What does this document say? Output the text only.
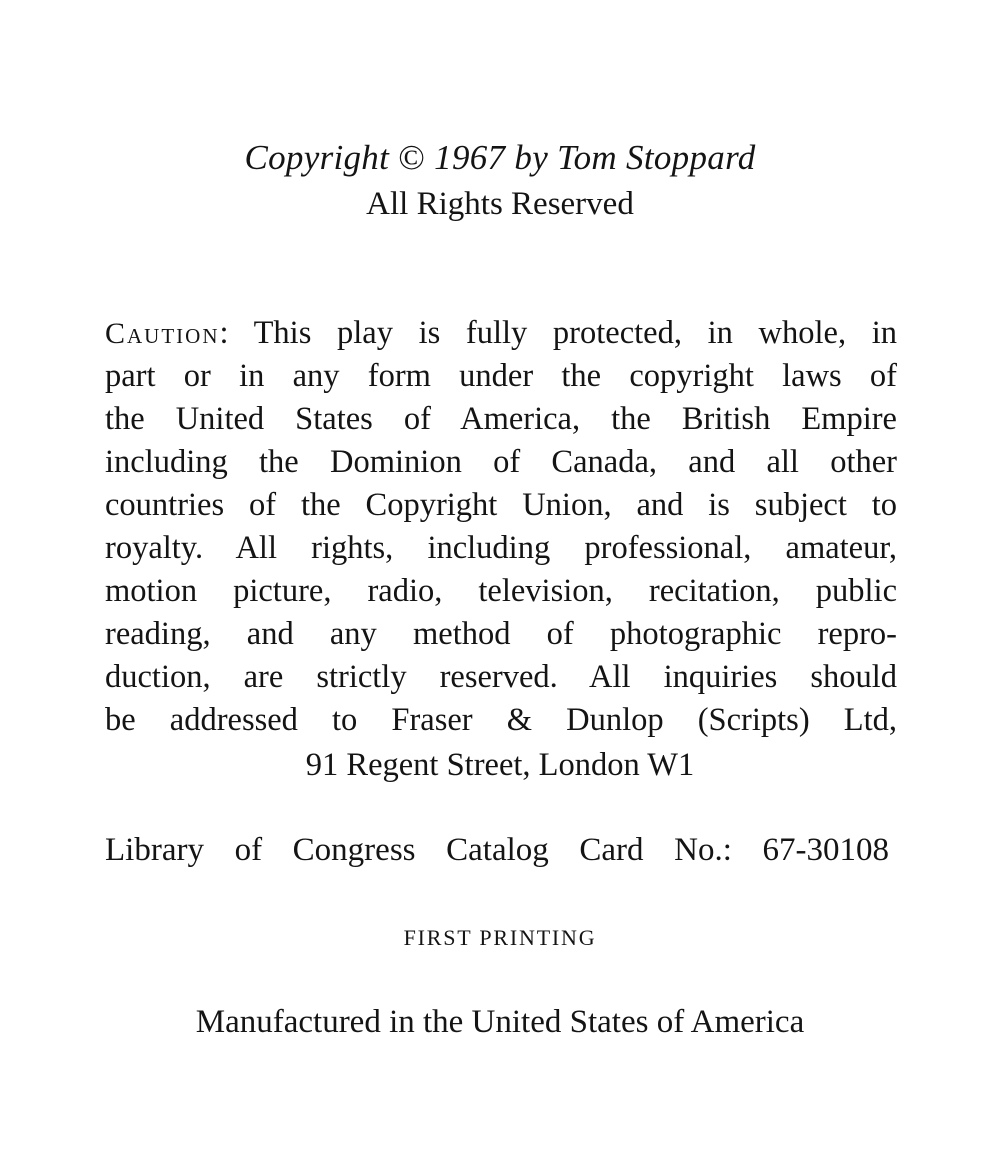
Copyright © 1967 by Tom Stoppard
All Rights Reserved
Caution: This play is fully protected, in whole, in
part or in any form under the copyright laws of
the United States of America, the British Empire
including the Dominion of Canada, and all other
countries of the Copyright Union, and is subject to
royalty. All rights, including professional, amateur,
motion picture, radio, television, recitation, public
reading, and any method of photographic repro-
duction, are strictly reserved. All inquiries should
be addressed to Fraser & Dunlop (Scripts) Ltd,
91 Regent Street, London W1
Library of Congress Catalog Card No.: 67-30108
FIRST PRINTING
Manufactured in the United States of America
